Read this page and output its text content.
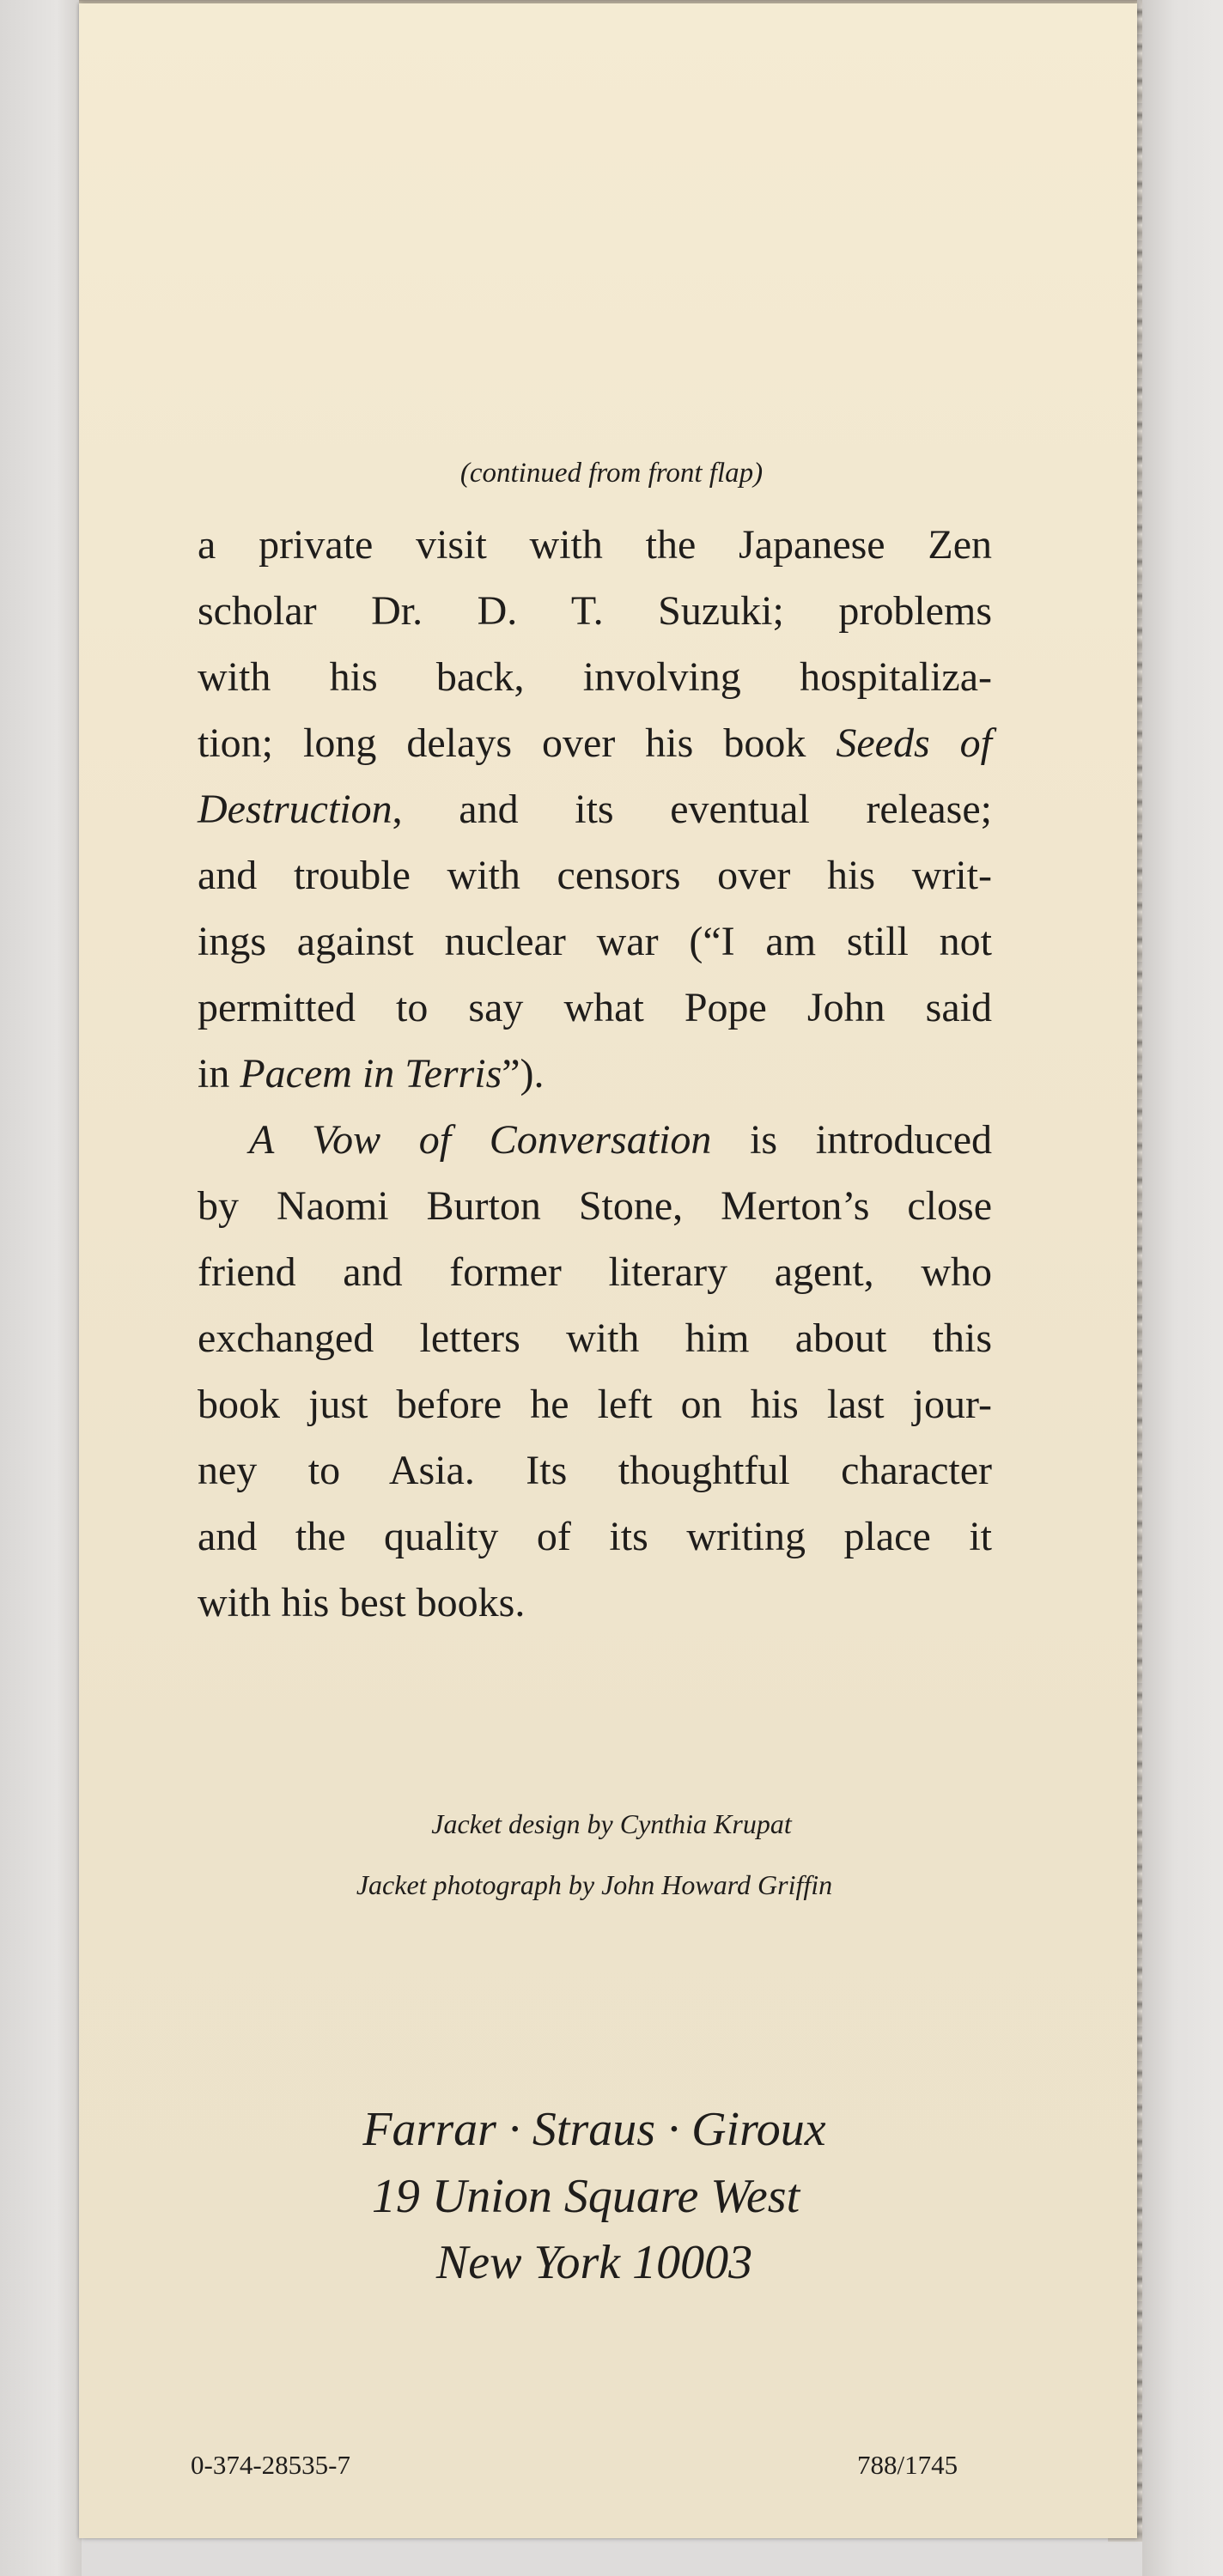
(continued from front flap)
a private visit with the Japanese Zen
scholar Dr. D. T. Suzuki; problems
with his back, involving hospitaliza-
tion; long delays over his book Seeds of
Destruction, and its eventual release;
and trouble with censors over his writ-
ings against nuclear war (“I am still not
permitted to say what Pope John said
in Pacem in Terris”).
A Vow of Conversation is introduced
by Naomi Burton Stone, Merton’s close
friend and former literary agent, who
exchanged letters with him about this
book just before he left on his last jour-
ney to Asia. Its thoughtful character
and the quality of its writing place it
with his best books.
Jacket design by Cynthia Krupat
Jacket photograph by John Howard Griffin
Farrar · Straus · Giroux
19 Union Square West
New York 10003
0-374-28535-7	788/1745
